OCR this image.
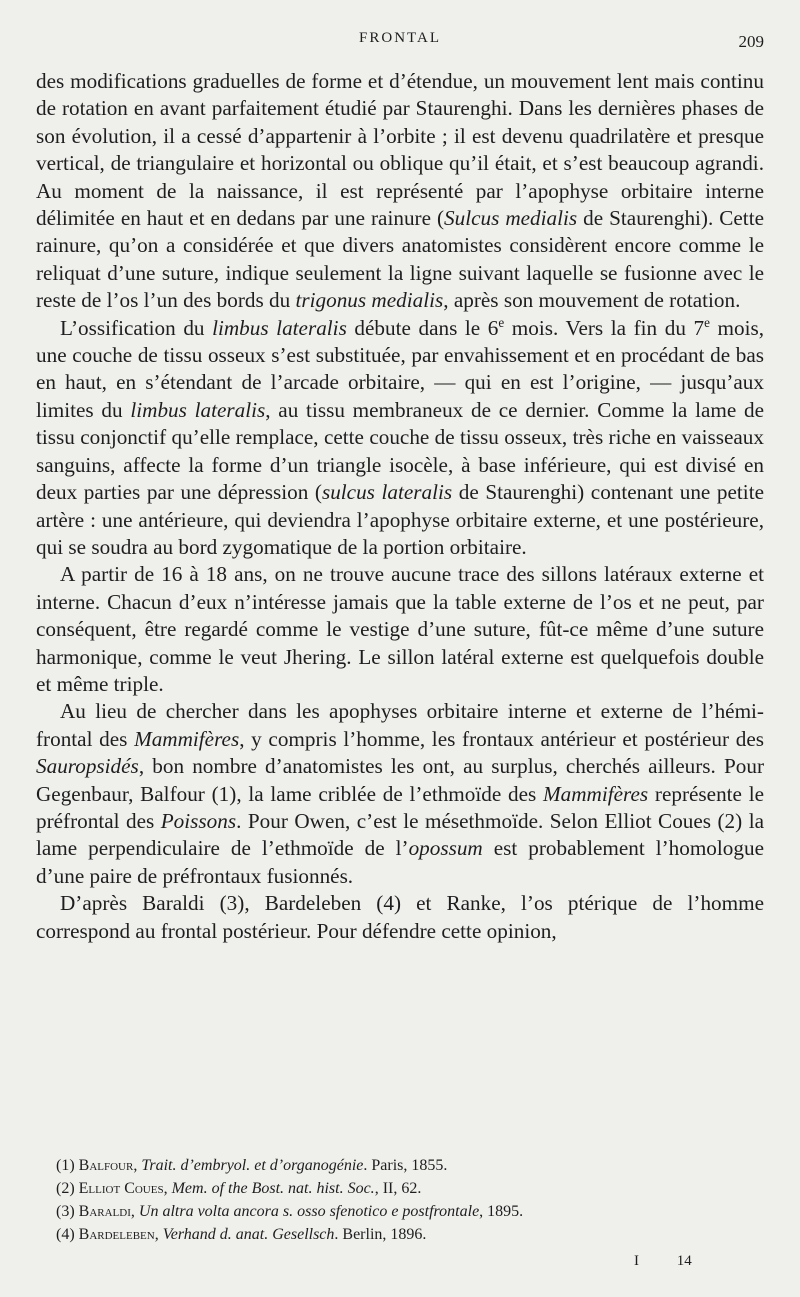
FRONTAL	209

des modifications graduelles de forme et d’étendue, un mouvement lent mais continu de rotation en avant parfaitement étudié par Staurenghi. Dans les dernières phases de son évolution, il a cessé d’appartenir à l’orbite ; il est devenu quadrilatère et presque vertical, de triangulaire et horizontal ou oblique qu’il était, et s’est beaucoup agrandi. Au moment de la naissance, il est représenté par l’apophyse orbitaire interne délimitée en haut et en dedans par une rainure (Sulcus medialis de Staurenghi). Cette rainure, qu’on a considérée et que divers anatomistes considèrent encore comme le reliquat d’une suture, indique seulement la ligne suivant laquelle se fusionne avec le reste de l’os l’un des bords du trigonus medialis, après son mouvement de rotation.

L’ossification du limbus lateralis débute dans le 6e mois. Vers la fin du 7e mois, une couche de tissu osseux s’est substituée, par envahissement et en procédant de bas en haut, en s’étendant de l’arcade orbitaire, — qui en est l’origine, — jusqu’aux limites du limbus lateralis, au tissu membraneux de ce dernier. Comme la lame de tissu conjonctif qu’elle remplace, cette couche de tissu osseux, très riche en vaisseaux sanguins, affecte la forme d’un triangle isocèle, à base inférieure, qui est divisé en deux parties par une dépression (sulcus lateralis de Staurenghi) contenant une petite artère : une antérieure, qui deviendra l’apophyse orbitaire externe, et une postérieure, qui se soudra au bord zygomatique de la portion orbitaire.

A partir de 16 à 18 ans, on ne trouve aucune trace des sillons latéraux externe et interne. Chacun d’eux n’intéresse jamais que la table externe de l’os et ne peut, par conséquent, être regardé comme le vestige d’une suture, fût-ce même d’une suture harmonique, comme le veut Jhering. Le sillon latéral externe est quelquefois double et même triple.

Au lieu de chercher dans les apophyses orbitaire interne et externe de l’hémi-frontal des Mammifères, y compris l’homme, les frontaux antérieur et postérieur des Sauropsidés, bon nombre d’anatomistes les ont, au surplus, cherchés ailleurs. Pour Gegenbaur, Balfour (1), la lame criblée de l’ethmoïde des Mammifères représente le préfrontal des Poissons. Pour Owen, c’est le mésethmoïde. Selon Elliot Coues (2) la lame perpendiculaire de l’ethmoïde de l’opossum est probablement l’homologue d’une paire de préfrontaux fusionnés.

D’après Baraldi (3), Bardeleben (4) et Ranke, l’os ptérique de l’homme correspond au frontal postérieur. Pour défendre cette opinion,

(1) Balfour, Trait. d’embryol. et d’organogénie. Paris, 1855.
(2) Elliot Coues, Mem. of the Bost. nat. hist. Soc., II, 62.
(3) Baraldi, Un altra volta ancora s. osso sfenotico e postfrontale, 1895.
(4) Bardeleben, Verhand d. anat. Gesellsch. Berlin, 1896.
I	14
